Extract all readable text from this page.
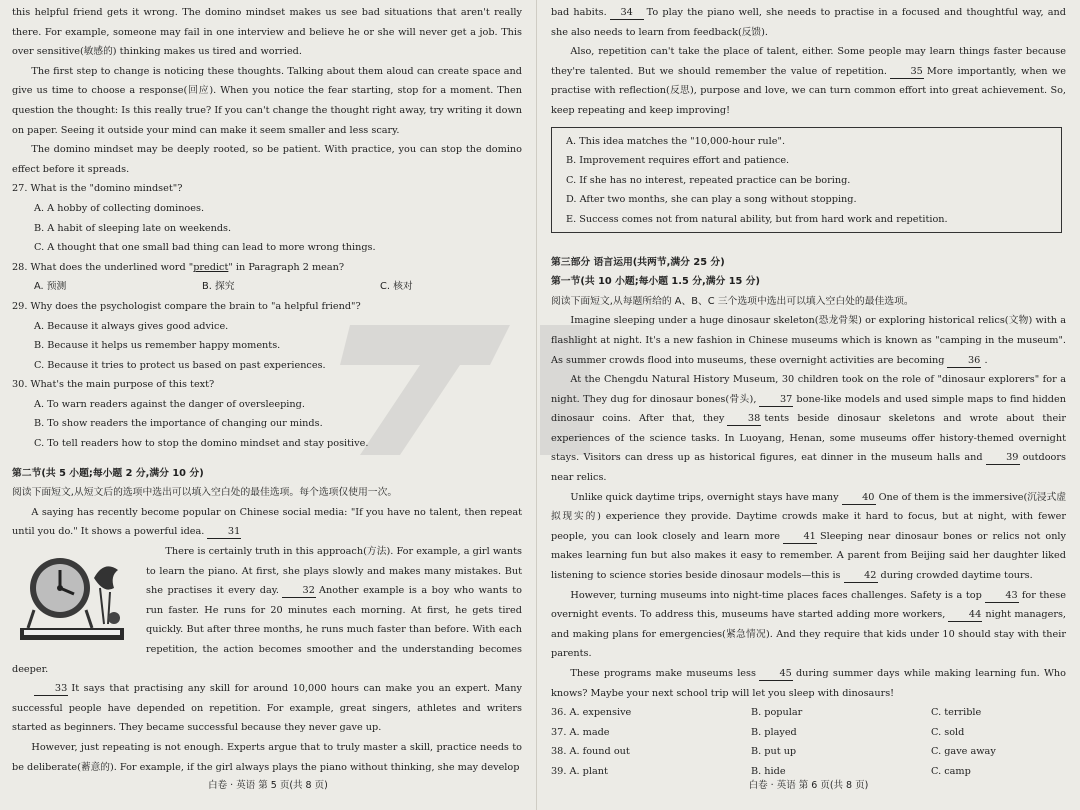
this helpful friend gets it wrong. The domino mindset makes us see bad situations that aren't really there. For example, someone may fail in one interview and believe he or she will never get a job. This over sensitive(敏感的) thinking makes us tired and worried.

The first step to change is noticing these thoughts. Talking about them aloud can create space and give us time to choose a response(回应). When you notice the fear starting, stop for a moment. Then question the thought: Is this really true? If you can't change the thought right away, try writing it down on paper. Seeing it outside your mind can make it seem smaller and less scary.

The domino mindset may be deeply rooted, so be patient. With practice, you can stop the domino effect before it spreads.

27. What is the "domino mindset"?

A. A hobby of collecting dominoes.

B. A habit of sleeping late on weekends.

C. A thought that one small bad thing can lead to more wrong things.

28. What does the underlined word "predict" in Paragraph 2 mean?

A. 预测	B. 探究	C. 核对

29. Why does the psychologist compare the brain to "a helpful friend"?

A. Because it always gives good advice.

B. Because it helps us remember happy moments.

C. Because it tries to protect us based on past experiences.

30. What's the main purpose of this text?

A. To warn readers against the danger of oversleeping.

B. To show readers the importance of changing our minds.

C. To tell readers how to stop the domino mindset and stay positive.

第二节(共 5 小题;每小题 2 分,满分 10 分)

阅读下面短文,从短文后的选项中选出可以填入空白处的最佳选项。每个选项仅使用一次。

A saying has recently become popular on Chinese social media: "If you have no talent, then repeat until you do." It shows a powerful idea. 31

There is certainly truth in this approach(方法). For example, a girl wants to learn the piano. At first, she plays slowly and makes many mistakes. But she practises it every day. 32 Another example is a boy who wants to run faster. He runs for 20 minutes each morning. At first, he gets tired quickly. But after three months, he runs much faster than before. With each repetition, the action becomes smoother and the understanding becomes deeper.

33 It says that practising any skill for around 10,000 hours can make you an expert. Many successful people have depended on repetition. For example, great singers, athletes and writers started as beginners. They became successful because they never gave up.

However, just repeating is not enough. Experts argue that to truly master a skill, practice needs to be deliberate(蓄意的). For example, if the girl always plays the piano without thinking, she may develop

白卷 · 英语 第 5 页(共 8 页)

bad habits. 34 To play the piano well, she needs to practise in a focused and thoughtful way, and she also needs to learn from feedback(反馈).

Also, repetition can't take the place of talent, either. Some people may learn things faster because they're talented. But we should remember the value of repetition. 35 More importantly, when we practise with reflection(反思), purpose and love, we can turn common effort into great achievement. So, keep repeating and keep improving!

A. This idea matches the "10,000-hour rule".

B. Improvement requires effort and patience.

C. If she has no interest, repeated practice can be boring.

D. After two months, she can play a song without stopping.

E. Success comes not from natural ability, but from hard work and repetition.

第三部分 语言运用(共两节,满分 25 分)

第一节(共 10 小题;每小题 1.5 分,满分 15 分)

阅读下面短文,从每题所给的 A、B、C 三个选项中选出可以填入空白处的最佳选项。

Imagine sleeping under a huge dinosaur skeleton(恐龙骨架) or exploring historical relics(文物) with a flashlight at night. It's a new fashion in Chinese museums which is known as "camping in the museum". As summer crowds flood into museums, these overnight activities are becoming 36 .

At the Chengdu Natural History Museum, 30 children took on the role of "dinosaur explorers" for a night. They dug for dinosaur bones(骨头), 37 bone-like models and used simple maps to find hidden dinosaur coins. After that, they 38 tents beside dinosaur skeletons and wrote about their experiences of the science tasks. In Luoyang, Henan, some museums offer history-themed overnight stays. Visitors can dress up as historical figures, eat dinner in the museum halls and 39 outdoors near relics.

Unlike quick daytime trips, overnight stays have many 40 One of them is the immersive(沉浸式虚拟现实的) experience they provide. Daytime crowds make it hard to focus, but at night, with fewer people, you can look closely and learn more 41 Sleeping near dinosaur bones or relics not only makes learning fun but also makes it easy to remember. A parent from Beijing said her daughter liked listening to science stories beside dinosaur models—this is 42 during crowded daytime tours.

However, turning museums into night-time places faces challenges. Safety is a top 43 for these overnight events. To address this, museums have started adding more workers, 44 night managers, and making plans for emergencies(紧急情况). And they require that kids under 10 should stay with their parents.

These programs make museums less 45 during summer days while making learning fun. Who knows? Maybe your next school trip will let you sleep with dinosaurs!

36. A. expensive	B. popular	C. terrible
37. A. made	B. played	C. sold
38. A. found out	B. put up	C. gave away
39. A. plant	B. hide	C. camp
白卷 · 英语 第 6 页(共 8 页)
